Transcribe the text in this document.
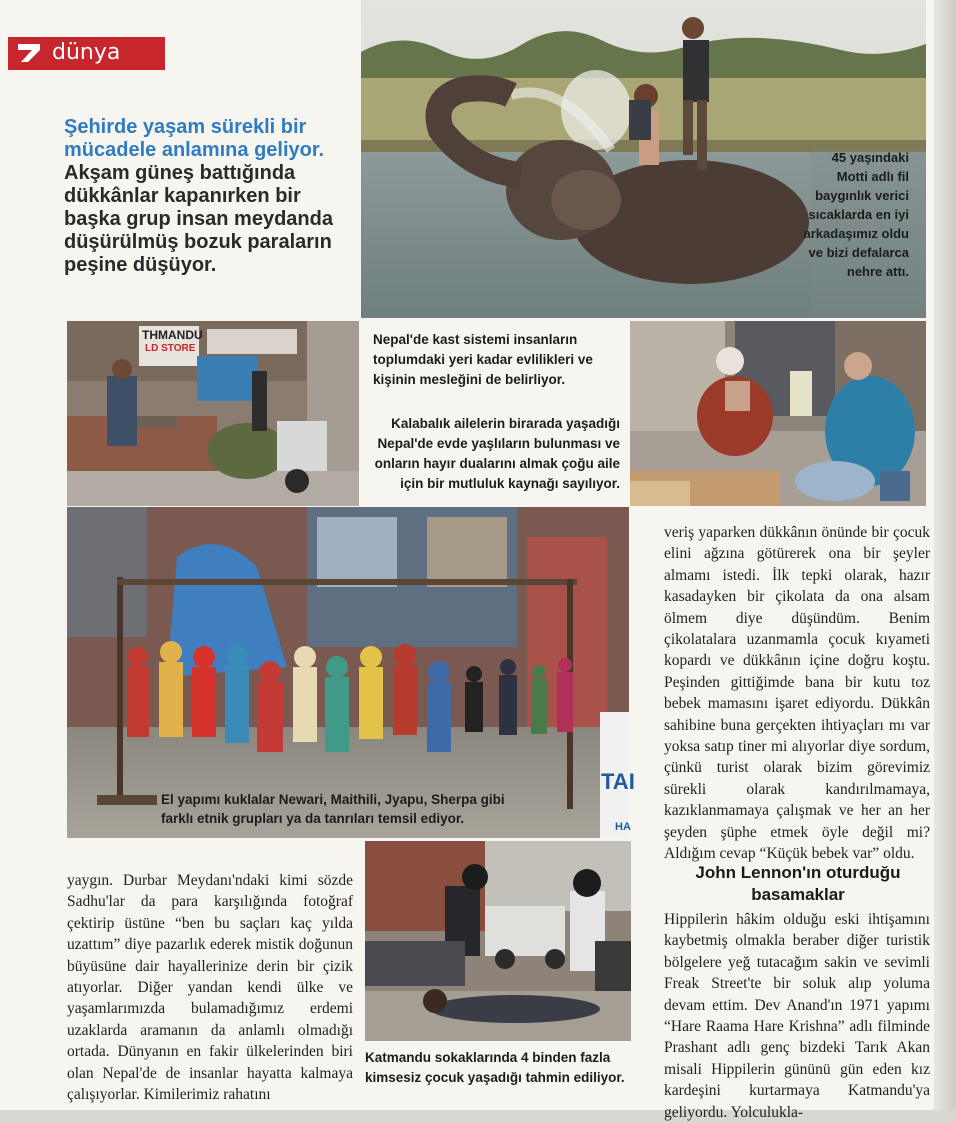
dünya
Şehirde yaşam sürekli bir mücadele anlamına geliyor. Akşam güneş battığında dükkânlar kapanırken bir başka grup insan meydanda düşürülmüş bozuk paraların peşine düşüyor.
45 yaşındaki Motti adlı fil baygınlık verici sıcaklarda en iyi arkadaşımız oldu ve bizi defalarca nehre attı.
THMANDU
LD STORE
Nepal'de kast sistemi insanların toplumdaki yeri kadar evlilikleri ve kişinin mesleğini de belirliyor.
Kalabalık ailelerin birarada yaşadığı Nepal'de evde yaşlıların bulunması ve onların hayır dualarını almak çoğu aile için bir mutluluk kaynağı sayılıyor.
TAI
HA
El yapımı kuklalar Newari, Maithili, Jyapu, Sherpa gibi farklı etnik grupları ya da tanrıları temsil ediyor.
veriş yaparken dükkânın önünde bir çocuk elini ağzına götürerek ona bir şeyler almamı istedi. İlk tepki olarak, hazır kasadayken bir çikolata da ona alsam ölmem diye düşündüm. Benim çikolatalara uzanmamla çocuk kıyameti kopardı ve dükkânın içine doğru koştu. Peşinden gittiğimde bana bir kutu toz bebek mamasını işaret ediyordu. Dükkân sahibine buna gerçekten ihtiyaçları mı var yoksa satıp tiner mi alıyorlar diye sordum, çünkü turist olarak bizim görevimiz sürekli olarak kandırılmamaya, kazıklanmamaya çalışmak ve her an her şeyden şüphe etmek öyle değil mi? Aldığım cevap “Küçük bebek var” oldu.
John Lennon'ın oturduğu basamaklar
Hippilerin hâkim olduğu eski ihtişamını kaybetmiş olmakla beraber diğer turistik bölgelere yeğ tutacağım sakin ve sevimli Freak Street'te bir soluk alıp yoluma devam ettim. Dev Anand'ın 1971 yapımı “Hare Raama Hare Krishna” adlı filminde Prashant adlı genç bizdeki Tarık Akan misali Hippilerin gününü gün eden kız kardeşini kurtarmaya Katmandu'ya geliyordu. Yolculukla-
yaygın. Durbar Meydanı'ndaki kimi sözde Sadhu'lar da para karşılığında fotoğraf çektirip üstüne “ben bu saçları kaç yılda uzattım” diye pazarlık ederek mistik doğunun büyüsüne dair hayallerinize derin bir çizik atıyorlar. Diğer yandan kendi ülke ve yaşamlarımızda bulamadığımız erdemi uzaklarda aramanın da anlamlı olmadığı ortada. Dünyanın en fakir ülkelerinden biri olan Nepal'de de insanlar hayatta kalmaya çalışıyorlar. Kimilerimiz rahatını
Katmandu sokaklarında 4 binden fazla kimsesiz çocuk yaşadığı tahmin ediliyor.
